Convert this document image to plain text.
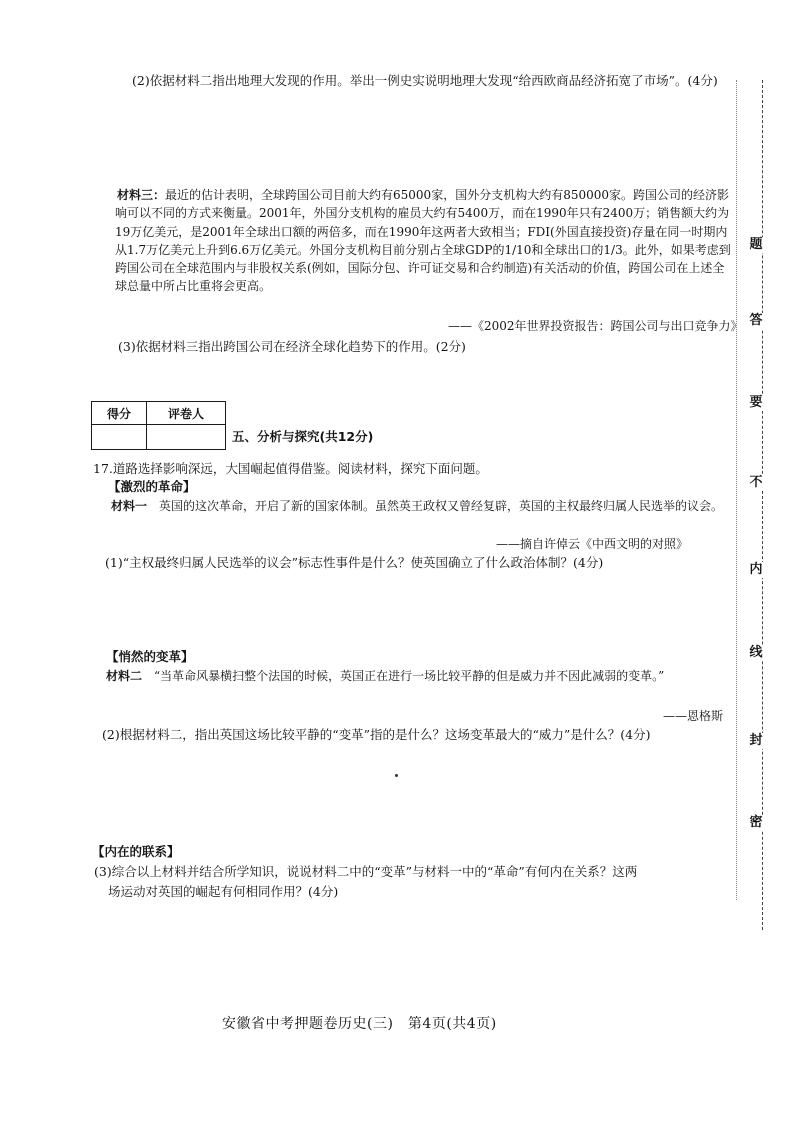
(2)依据材料二指出地理大发现的作用。举出一例史实说明地理大发现“给西欧商品经济拓宽了市场”。(4分)

材料三：最近的估计表明，全球跨国公司目前大约有65000家，国外分支机构大约有850000家。跨国公司的经济影响可以不同的方式来衡量。2001年，外国分支机构的雇员大约有5400万，而在1990年只有2400万；销售额大约为19万亿美元，是2001年全球出口额的两倍多，而在1990年这两者大致相当；FDI(外国直接投资)存量在同一时期内从1.7万亿美元上升到6.6万亿美元。外国分支机构目前分别占全球GDP的1/10和全球出口的1/3。此外，如果考虑到跨国公司在全球范围内与非股权关系(例如，国际分包、许可证交易和合约制造)有关活动的价值，跨国公司在上述全球总量中所占比重将会更高。

——《2002年世界投资报告：跨国公司与出口竞争力》
(3)依据材料三指出跨国公司在经济全球化趋势下的作用。(2分)
得分	评卷人

五、分析与探究(共12分)
17.道路选择影响深远，大国崛起值得借鉴。阅读材料，探究下面问题。
【激烈的革命】

材料一　 英国的这次革命，开启了新的国家体制。虽然英王政权又曾经复辟，英国的主权最终归属人民选举的议会。

——摘自许倬云《中西文明的对照》
(1)“主权最终归属人民选举的议会”标志性事件是什么？使英国确立了什么政治体制？(4分)
【悄然的变革】

材料二　 “当革命风暴横扫整个法国的时候，英国正在进行一场比较平静的但是威力并不因此减弱的变革。”

——恩格斯
(2)根据材料二，指出英国这场比较平静的“变革”指的是什么？这场变革最大的“威力”是什么？(4分)
【内在的联系】
(3)综合以上材料并结合所学知识，说说材料二中的“变革”与材料一中的“革命”有何内在关系？这两
场运动对英国的崛起有何相同作用？(4分)
安徽省中考押题卷历史(三)　第4页(共4页)
题
答
要
不
内
线
封
密
